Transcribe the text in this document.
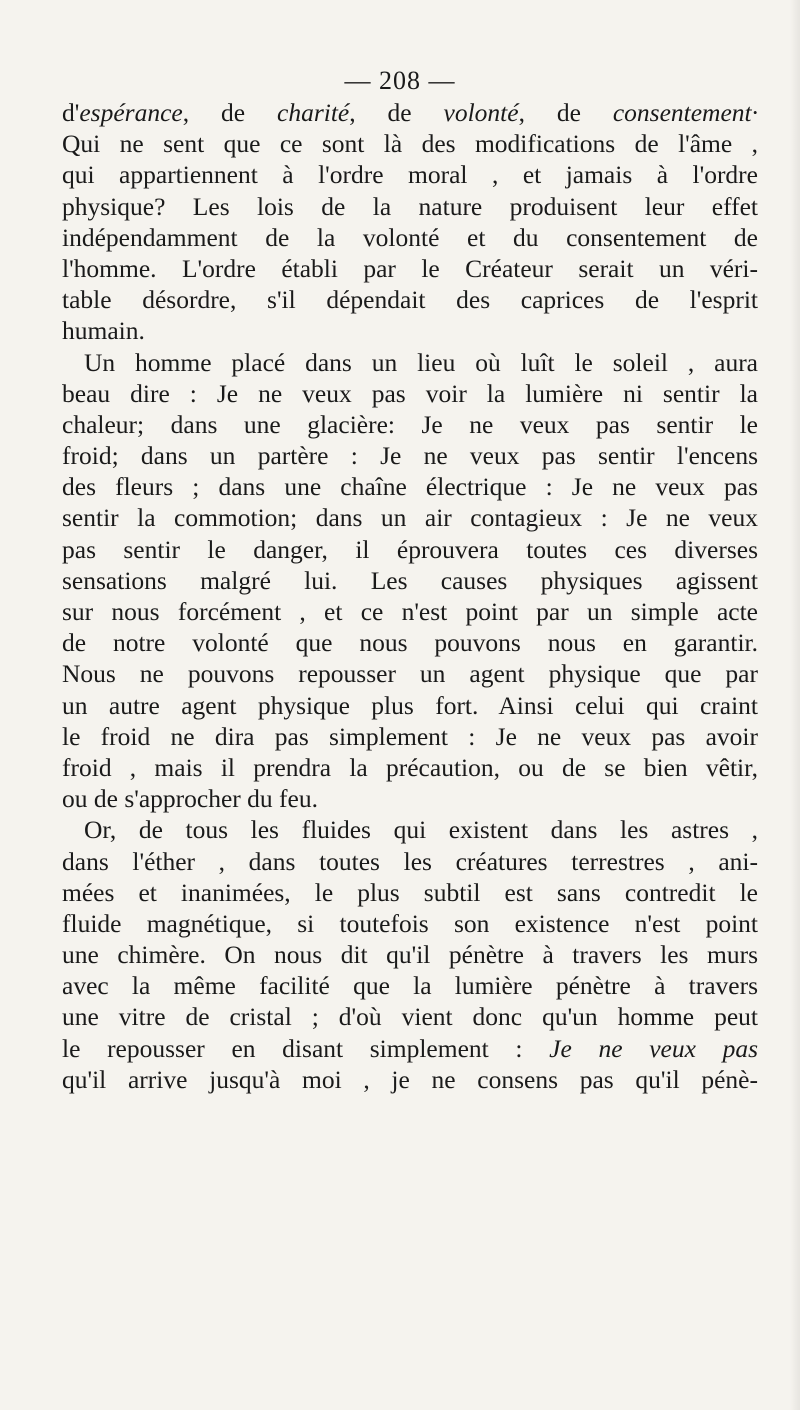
— 208 —
d'espérance, de charité, de volonté, de consentement·
Qui ne sent que ce sont là des modifications de l'âme ,
qui appartiennent à l'ordre moral , et jamais à l'ordre
physique? Les lois de la nature produisent leur effet
indépendamment de la volonté et du consentement de
l'homme. L'ordre établi par le Créateur serait un véri-
table désordre, s'il dépendait des caprices de l'esprit
humain.
Un homme placé dans un lieu où luît le soleil , aura
beau dire : Je ne veux pas voir la lumière ni sentir la
chaleur; dans une glacière: Je ne veux pas sentir le
froid; dans un partère : Je ne veux pas sentir l'encens
des fleurs ; dans une chaîne électrique : Je ne veux pas
sentir la commotion; dans un air contagieux : Je ne veux
pas sentir le danger, il éprouvera toutes ces diverses
sensations malgré lui. Les causes physiques agissent
sur nous forcément , et ce n'est point par un simple acte
de notre volonté que nous pouvons nous en garantir.
Nous ne pouvons repousser un agent physique que par
un autre agent physique plus fort. Ainsi celui qui craint
le froid ne dira pas simplement : Je ne veux pas avoir
froid , mais il prendra la précaution, ou de se bien vêtir,
ou de s'approcher du feu.
Or, de tous les fluides qui existent dans les astres ,
dans l'éther , dans toutes les créatures terrestres , ani-
mées et inanimées, le plus subtil est sans contredit le
fluide magnétique, si toutefois son existence n'est point
une chimère. On nous dit qu'il pénètre à travers les murs
avec la même facilité que la lumière pénètre à travers
une vitre de cristal ; d'où vient donc qu'un homme peut
le repousser en disant simplement : Je ne veux pas
qu'il arrive jusqu'à moi , je ne consens pas qu'il pénè-
